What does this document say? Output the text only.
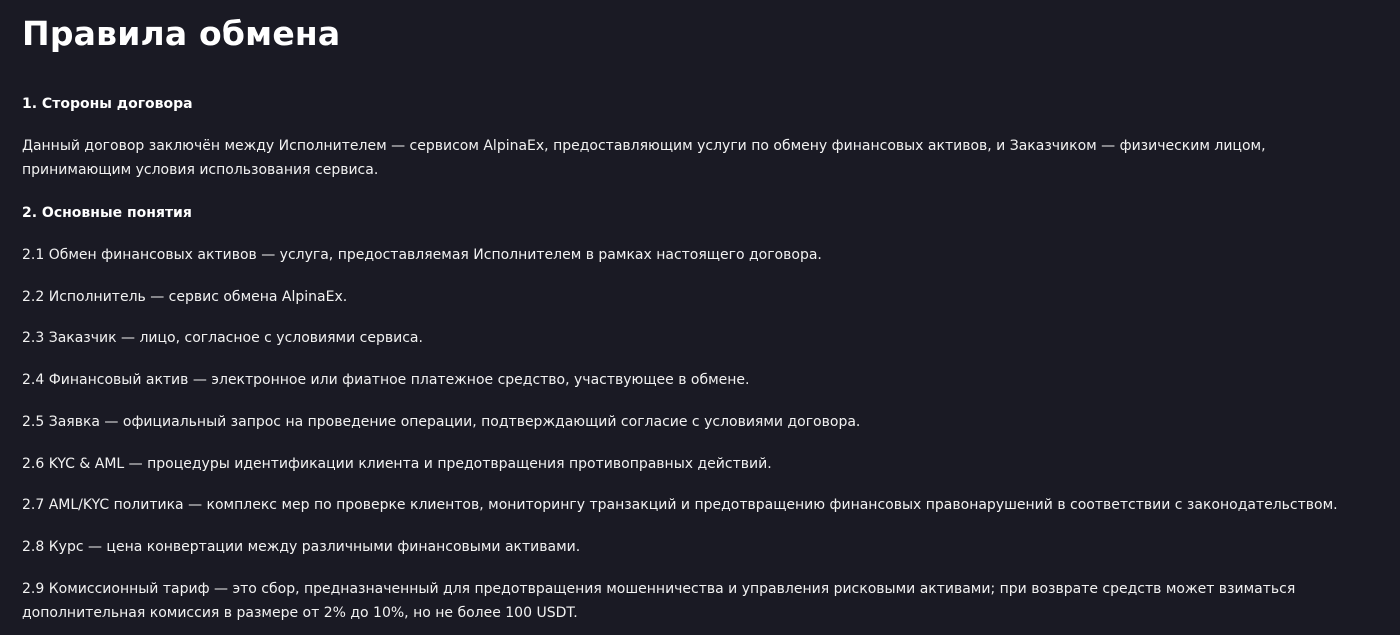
Правила обмена
1. Стороны договора
Данный договор заключён между Исполнителем — сервисом AlpinaEx, предоставляющим услуги по обмену финансовых активов, и Заказчиком — физическим лицом, принимающим условия использования сервиса.
2. Основные понятия
2.1 Обмен финансовых активов — услуга, предоставляемая Исполнителем в рамках настоящего договора.
2.2 Исполнитель — сервис обмена AlpinaEx.
2.3 Заказчик — лицо, согласное с условиями сервиса.
2.4 Финансовый актив — электронное или фиатное платежное средство, участвующее в обмене.
2.5 Заявка — официальный запрос на проведение операции, подтверждающий согласие с условиями договора.
2.6 KYC & AML — процедуры идентификации клиента и предотвращения противоправных действий.
2.7 AML/KYC политика — комплекс мер по проверке клиентов, мониторингу транзакций и предотвращению финансовых правонарушений в соответствии с законодательством.
2.8 Курс — цена конвертации между различными финансовыми активами.
2.9 Комиссионный тариф — это сбор, предназначенный для предотвращения мошенничества и управления рисковыми активами; при возврате средств может взиматься дополнительная комиссия в размере от 2% до 10%, но не более 100 USDT.
